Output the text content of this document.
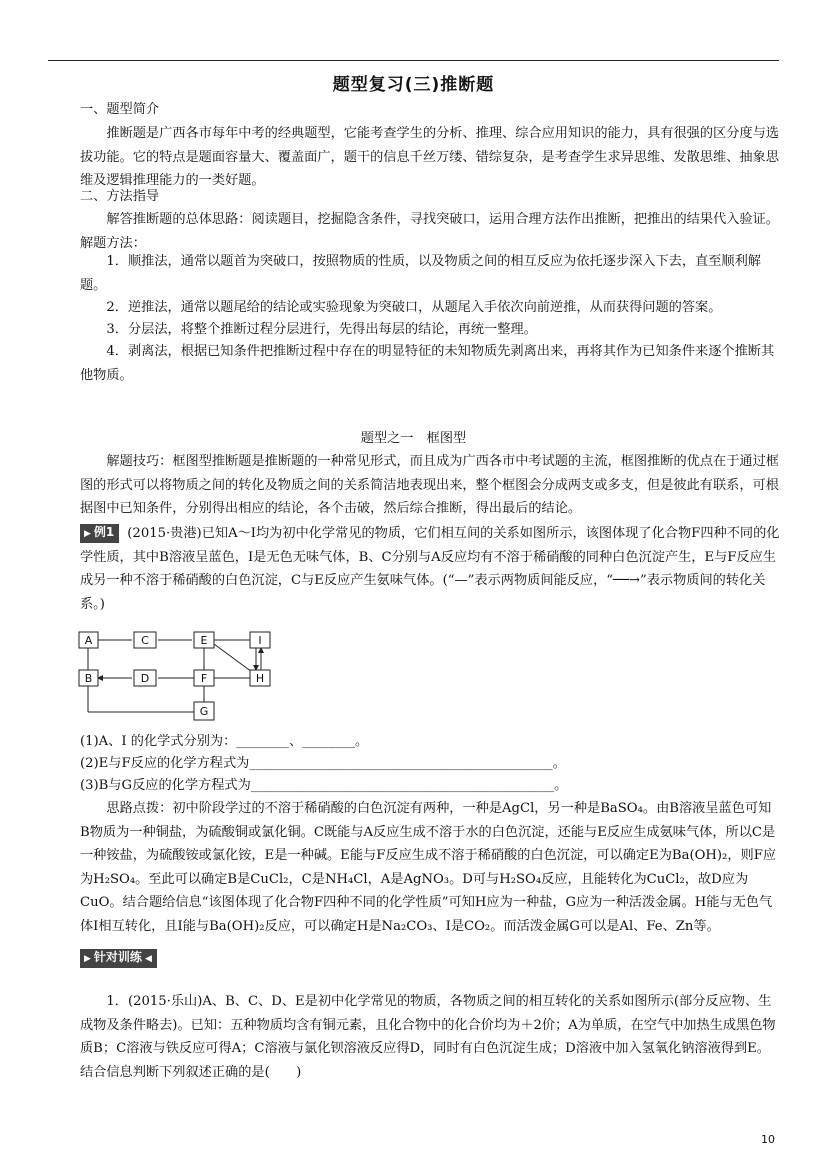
题型复习(三)推断题

一、题型简介

推断题是广西各市每年中考的经典题型，它能考查学生的分析、推理、综合应用知识的能力，具有很强的区分度与选拔功能。它的特点是题面容量大、覆盖面广，题干的信息千丝万缕、错综复杂，是考查学生求异思维、发散思维、抽象思维及逻辑推理能力的一类好题。

二、方法指导

解答推断题的总体思路：阅读题目，挖掘隐含条件，寻找突破口，运用合理方法作出推断，把推出的结果代入验证。解题方法：

1．顺推法，通常以题首为突破口，按照物质的性质，以及物质之间的相互反应为依托逐步深入下去，直至顺利解题。

2．逆推法，通常以题尾给的结论或实验现象为突破口，从题尾入手依次向前逆推，从而获得问题的答案。

3．分层法，将整个推断过程分层进行，先得出每层的结论，再统一整理。

4．剥离法，根据已知条件把推断过程中存在的明显特征的未知物质先剥离出来，再将其作为已知条件来逐个推断其他物质。

题型之一　框图型

解题技巧：框图型推断题是推断题的一种常见形式，而且成为广西各市中考试题的主流，框图推断的优点在于通过框图的形式可以将物质之间的转化及物质之间的关系简洁地表现出来，整个框图会分成两支或多支，但是彼此有联系，可根据图中已知条件，分别得出相应的结论，各个击破，然后综合推断，得出最后的结论。

▶ 例1 (2015·贵港)已知A～I均为初中化学常见的物质，它们相互间的关系如图所示，该图体现了化合物F四种不同的化学性质，其中B溶液呈蓝色，I是无色无味气体，B、C分别与A反应均有不溶于稀硝酸的同种白色沉淀产生，E与F反应生成另一种不溶于稀硝酸的白色沉淀，C与E反应产生氨味气体。(“—”表示两物质间能反应，“──→”表示物质间的转化关系。)

A	C	E	I
B	D	F	H
G

(1)A、I 的化学式分别为：________、________。

(2)E与F反应的化学方程式为______________________________________________。

(3)B与G反应的化学方程式为______________________________________________。

思路点拨：初中阶段学过的不溶于稀硝酸的白色沉淀有两种，一种是AgCl，另一种是BaSO₄。由B溶液呈蓝色可知B物质为一种铜盐，为硫酸铜或氯化铜。C既能与A反应生成不溶于水的白色沉淀，还能与E反应生成氨味气体，所以C是一种铵盐，为硫酸铵或氯化铵，E是一种碱。E能与F反应生成不溶于稀硝酸的白色沉淀，可以确定E为Ba(OH)₂，则F应为H₂SO₄。至此可以确定B是CuCl₂，C是NH₄Cl，A是AgNO₃。D可与H₂SO₄反应，且能转化为CuCl₂，故D应为CuO。结合题给信息“该图体现了化合物F四种不同的化学性质”可知H应为一种盐，G应为一种活泼金属。H能与无色气体I相互转化，且I能与Ba(OH)₂反应，可以确定H是Na₂CO₃、I是CO₂。而活泼金属G可以是Al、Fe、Zn等。

▶ 针对训练 ◀

1．(2015·乐山)A、B、C、D、E是初中化学常见的物质，各物质之间的相互转化的关系如图所示(部分反应物、生成物及条件略去)。已知：五种物质均含有铜元素，且化合物中的化合价均为＋2价；A为单质，在空气中加热生成黑色物质B；C溶液与铁反应可得A；C溶液与氯化钡溶液反应得D，同时有白色沉淀生成；D溶液中加入氢氧化钠溶液得到E。结合信息判断下列叙述正确的是(　　)

10
